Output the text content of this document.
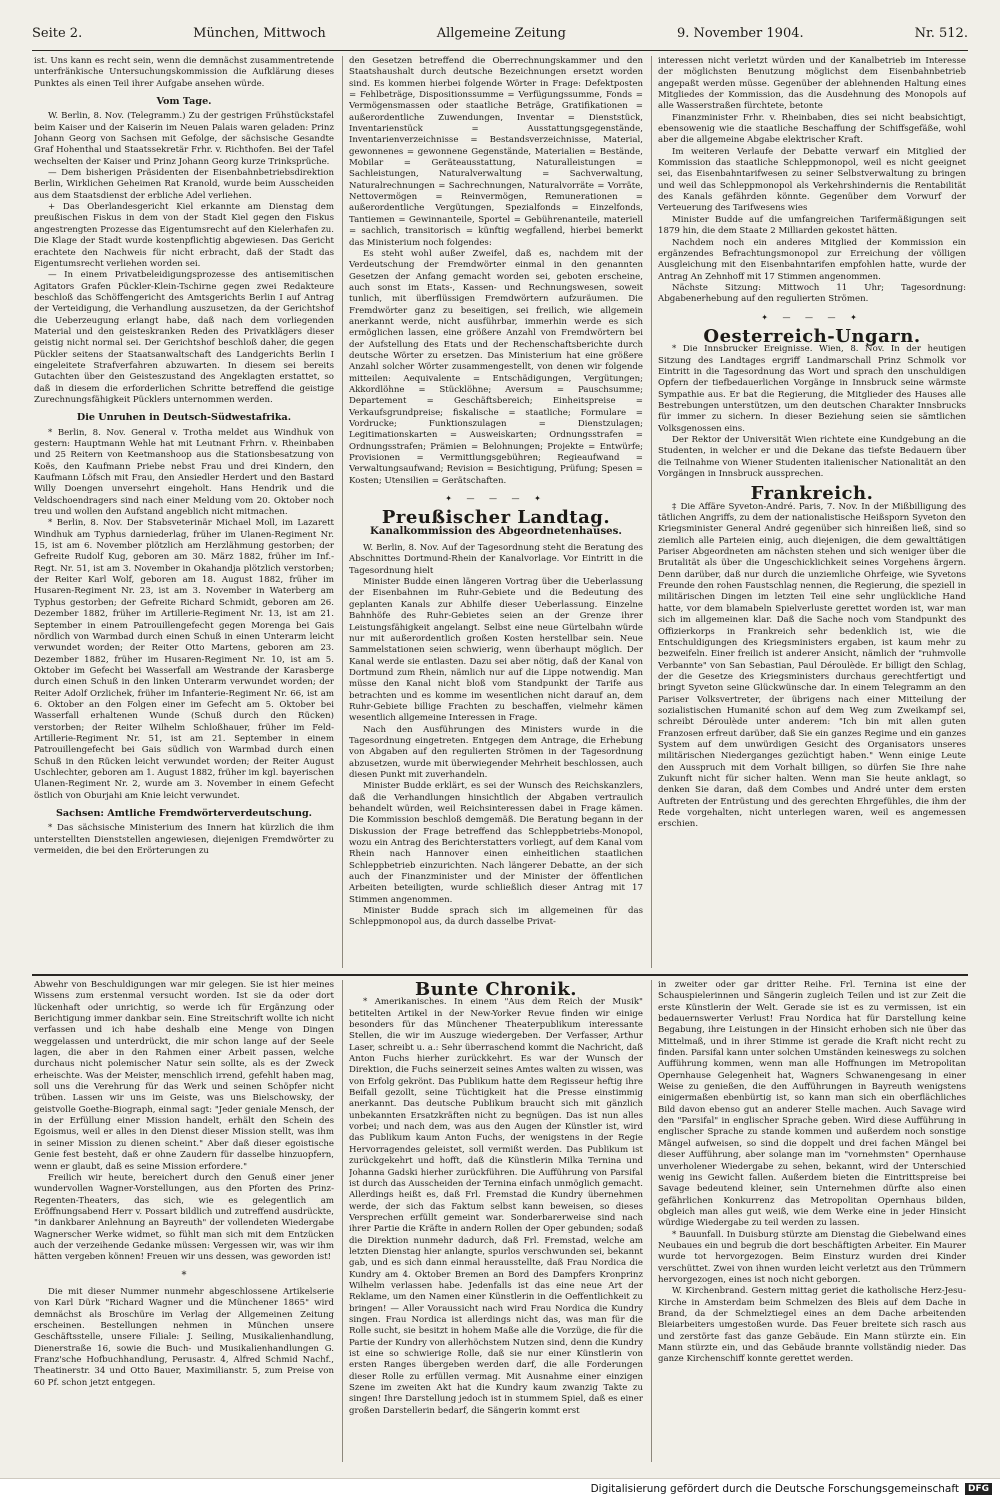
Seite 2.	München, Mittwoch	Allgemeine Zeitung	9. November 1904.	Nr. 512.

ist. Uns kann es recht sein, wenn die demnächst zusammentretende unterfränkische Untersuchungskommission die Aufklärung dieses Punktes als einen Teil ihrer Aufgabe ansehen würde.

Vom Tage.

W. Berlin, 8. Nov. (Telegramm.) Zu der gestrigen Frühstückstafel beim Kaiser und der Kaiserin im Neuen Palais waren geladen: Prinz Johann Georg von Sachsen mit Gefolge, der sächsische Gesandte Graf Hohenthal und Staatssekretär Frhr. v. Richthofen. Bei der Tafel wechselten der Kaiser und Prinz Johann Georg kurze Trinksprüche.

— Dem bisherigen Präsidenten der Eisenbahnbetriebsdirektion Berlin, Wirklichen Geheimen Rat Kranold, wurde beim Ausscheiden aus dem Staatsdienst der erbliche Adel verliehen.

+ Das Oberlandesgericht Kiel erkannte am Dienstag dem preußischen Fiskus in dem von der Stadt Kiel gegen den Fiskus angestrengten Prozesse das Eigentumsrecht auf den Kielerhafen zu. Die Klage der Stadt wurde kostenpflichtig abgewiesen. Das Gericht erachtete den Nachweis für nicht erbracht, daß der Stadt das Eigentumsrecht verliehen worden sei.

— In einem Privatbeleidigungsprozesse des antisemitischen Agitators Grafen Pückler-Klein-Tschirne gegen zwei Redakteure beschloß das Schöffengericht des Amtsgerichts Berlin I auf Antrag der Verteidigung, die Verhandlung auszusetzen, da der Gerichtshof die Ueberzeugung erlangt habe, daß nach dem vorliegenden Material und den geisteskranken Reden des Privatklägers dieser geistig nicht normal sei. Der Gerichtshof beschloß daher, die gegen Pückler seitens der Staatsanwaltschaft des Landgerichts Berlin I eingeleitete Strafverfahren abzuwarten. In diesem sei bereits Gutachten über den Geisteszustand des Angeklagten erstattet, so daß in diesem die erforderlichen Schritte betreffend die geistige Zurechnungsfähigkeit Pücklers unternommen werden.

Die Unruhen in Deutsch-Südwestafrika.

* Berlin, 8. Nov. General v. Trotha meldet aus Windhuk von gestern: Hauptmann Wehle hat mit Leutnant Frhrn. v. Rheinbaben und 25 Reitern von Keetmanshoop aus die Stationsbesatzung von Koës, den Kaufmann Priebe nebst Frau und drei Kindern, den Kaufmann Löfsch mit Frau, den Ansiedler Herdert und den Bastard Willy Doengen unversehrt eingeholt. Hans Hendrik und die Veldschoendragers sind nach einer Meldung vom 20. Oktober noch treu und wollen den Aufstand angeblich nicht mitmachen.

* Berlin, 8. Nov. Der Stabsveterinär Michael Moll, im Lazarett Windhuk am Typhus darniederlag, früher im Ulanen-Regiment Nr. 15, ist am 6. November plötzlich am Herzlähmung gestorben; der Gefreite Rudolf Kug, geboren am 30. März 1882, früher im Inf.-Regt. Nr. 51, ist am 3. November in Okahandja plötzlich verstorben; der Reiter Karl Wolf, geboren am 18. August 1882, früher im Husaren-Regiment Nr. 23, ist am 3. November in Waterberg am Typhus gestorben; der Gefreite Richard Schmidt, geboren am 26. Dezember 1882, früher im Artillerie-Regiment Nr. 13, ist am 21. September in einem Patrouillengefecht gegen Morenga bei Gais nördlich von Warmbad durch einen Schuß in einen Unterarm leicht verwundet worden; der Reiter Otto Martens, geboren am 23. Dezember 1882, früher im Husaren-Regiment Nr. 10, ist am 5. Oktober im Gefecht bei Wasserfall am Westrande der Karasberge durch einen Schuß in den linken Unterarm verwundet worden; der Reiter Adolf Orzlichek, früher im Infanterie-Regiment Nr. 66, ist am 6. Oktober an den Folgen einer im Gefecht am 5. Oktober bei Wasserfall erhaltenen Wunde (Schuß durch den Rücken) verstorben; der Reiter Wilhelm Schloßhauer, früher im Feld-Artillerie-Regiment Nr. 51, ist am 21. September in einem Patrouillengefecht bei Gais südlich von Warmbad durch einen Schuß in den Rücken leicht verwundet worden; der Reiter August Uschlechter, geboren am 1. August 1882, früher im kgl. bayerischen Ulanen-Regiment Nr. 2, wurde am 3. November in einem Gefecht östlich von Oburjahi am Knie leicht verwundet.

Sachsen: Amtliche Fremdwörterverdeutschung.

* Das sächsische Ministerium des Innern hat kürzlich die ihm unterstellten Dienststellen angewiesen, diejenigen Fremdwörter zu vermeiden, die bei den Erörterungen zu

den Gesetzen betreffend die Oberrechnungskammer und den Staatshaushalt durch deutsche Bezeichnungen ersetzt worden sind. Es kommen hierbei folgende Wörter in Frage: Defektposten = Fehlbeträge, Dispositionssumme = Verfügungssumme, Fonds = Vermögensmassen oder staatliche Beträge, Gratifikationen = außerordentliche Zuwendungen, Inventar = Dienststück, Inventarienstück = Ausstattungsgegenstände, Inventarienverzeichnisse = Bestandsverzeichnisse, Material, gewonnenes = gewonnene Gegenstände, Materialien = Bestände, Mobilar = Geräteausstattung, Naturalleistungen = Sachleistungen, Naturalverwaltung = Sachverwaltung, Naturalrechnungen = Sachrechnungen, Naturalvorräte = Vorräte, Nettovermögen = Reinvermögen, Remunerationen = außerordentliche Vergütungen, Spezialfonds = Einzelfonds, Tantiemen = Gewinnanteile, Sportel = Gebührenanteile, materiell = sachlich, transitorisch = künftig wegfallend, hierbei bemerkt das Ministerium noch folgendes:

Es steht wohl außer Zweifel, daß es, nachdem mit der Verdeutschung der Fremdwörter einmal in den genannten Gesetzen der Anfang gemacht worden sei, geboten erscheine, auch sonst im Etats-, Kassen- und Rechnungswesen, soweit tunlich, mit überflüssigen Fremdwörtern aufzuräumen. Die Fremdwörter ganz zu beseitigen, sei freilich, wie allgemein anerkannt werde, nicht ausführbar, immerhin werde es sich ermöglichen lassen, eine größere Anzahl von Fremdwörtern bei der Aufstellung des Etats und der Rechenschaftsberichte durch deutsche Wörter zu ersetzen. Das Ministerium hat eine größere Anzahl solcher Wörter zusammengestellt, von denen wir folgende mitteilen: Aequivalente = Entschädigungen, Vergütungen; Akkordlöhne = Stücklöhne; Aversum = Pauschsumme; Departement = Geschäftsbereich; Einheitspreise = Verkaufsgrundpreise; fiskalische = staatliche; Formulare = Vordrucke; Funktionszulagen = Dienstzulagen; Legitimationskarten = Ausweiskarten; Ordnungsstrafen = Ordnungsstrafen; Prämien = Belohnungen; Projekte = Entwürfe; Provisionen = Vermittlungsgebühren; Regieaufwand = Verwaltungsaufwand; Revision = Besichtigung, Prüfung; Spesen = Kosten; Utensilien = Gerätschaften.

✦ — — — ✦
Preußischer Landtag.
Kanalkommission des Abgeordnetenhauses.

W. Berlin, 8. Nov. Auf der Tagesordnung steht die Beratung des Abschnittes Dortmund-Rhein der Kanalvorlage. Vor Eintritt in die Tagesordnung hielt

Minister Budde einen längeren Vortrag über die Ueberlassung der Eisenbahnen im Ruhr-Gebiete und die Bedeutung des geplanten Kanals zur Abhilfe dieser Ueberlassung. Einzelne Bahnhöfe des Ruhr-Gebietes seien an der Grenze ihrer Leistungsfähigkeit angelangt. Selbst eine neue Gürtelbahn würde nur mit außerordentlich großen Kosten herstellbar sein. Neue Sammelstationen seien schwierig, wenn überhaupt möglich. Der Kanal werde sie entlasten. Dazu sei aber nötig, daß der Kanal von Dortmund zum Rhein, nämlich nur auf die Lippe notwendig. Man müsse den Kanal nicht bloß vom Standpunkt der Tarife aus betrachten und es komme im wesentlichen nicht darauf an, dem Ruhr-Gebiete billige Frachten zu beschaffen, vielmehr kämen wesentlich allgemeine Interessen in Frage.

Nach den Ausführungen des Ministers wurde in die Tagesordnung eingetreten. Entgegen dem Antrage, die Erhebung von Abgaben auf den regulierten Strömen in der Tagesordnung abzusetzen, wurde mit überwiegender Mehrheit beschlossen, auch diesen Punkt mit zuverhandeln.

Minister Budde erklärt, es sei der Wunsch des Reichskanzlers, daß die Verhandlungen hinsichtlich der Abgaben vertraulich behandelt würden, weil Reichsinteressen dabei in Frage kämen. Die Kommission beschloß demgemäß. Die Beratung begann in der Diskussion der Frage betreffend das Schleppbetriebs-Monopol, wozu ein Antrag des Berichterstatters vorliegt, auf dem Kanal vom Rhein nach Hannover einen einheitlichen staatlichen Schleppbetrieb einzurichten. Nach längerer Debatte, an der sich auch der Finanzminister und der Minister der öffentlichen Arbeiten beteiligten, wurde schließlich dieser Antrag mit 17 Stimmen angenommen.

Minister Budde sprach sich im allgemeinen für das Schleppmonopol aus, da durch dasselbe Privat-

interessen nicht verletzt würden und der Kanalbetrieb im Interesse der möglichsten Benutzung möglichst dem Eisenbahnbetrieb angepaßt werden müsse. Gegenüber der ablehnenden Haltung eines Mitgliedes der Kommission, das die Ausdehnung des Monopols auf alle Wasserstraßen fürchtete, betonte

Finanzminister Frhr. v. Rheinbaben, dies sei nicht beabsichtigt, ebensowenig wie die staatliche Beschaffung der Schiffsgefäße, wohl aber die allgemeine Abgabe elektrischer Kraft.

Im weiteren Verlaufe der Debatte verwarf ein Mitglied der Kommission das staatliche Schleppmonopol, weil es nicht geeignet sei, das Eisenbahntarifwesen zu seiner Selbstverwaltung zu bringen und weil das Schleppmonopol als Verkehrshindernis die Rentabilität des Kanals gefährden könnte. Gegenüber dem Vorwurf der Verteuerung des Tarifwesens wies

Minister Budde auf die umfangreichen Tarifermäßigungen seit 1879 hin, die dem Staate 2 Milliarden gekostet hätten.

Nachdem noch ein anderes Mitglied der Kommission ein ergänzendes Befrachtungsmonopol zur Erreichung der völligen Ausgleichung mit den Eisenbahntarifen empfohlen hatte, wurde der Antrag An Zehnhoff mit 17 Stimmen angenommen.

Nächste Sitzung: Mittwoch 11 Uhr; Tagesordnung: Abgabenerhebung auf den regulierten Strömen.

✦ — — — ✦
Oesterreich-Ungarn.

* Die Innsbrucker Ereignisse. Wien, 8. Nov. In der heutigen Sitzung des Landtages ergriff Landmarschall Prinz Schmolk vor Eintritt in die Tagesordnung das Wort und sprach den unschuldigen Opfern der tiefbedauerlichen Vorgänge in Innsbruck seine wärmste Sympathie aus. Er bat die Regierung, die Mitglieder des Hauses alle Bestrebungen unterstützen, um den deutschen Charakter Innsbrucks für immer zu sichern. In dieser Beziehung seien sie sämtlichen Volksgenossen eins.

Der Rektor der Universität Wien richtete eine Kundgebung an die Studenten, in welcher er und die Dekane das tiefste Bedauern über die Teilnahme von Wiener Studenten italienischer Nationalität an den Vorgängen in Innsbruck aussprechen.

Frankreich.

‡ Die Affäre Syveton-André. Paris, 7. Nov. In der Mißbilligung des tätlichen Angriffs, zu dem der nationalistische Heißsporn Syveton den Kriegsminister General André gegenüber sich hinreißen ließ, sind so ziemlich alle Parteien einig, auch diejenigen, die dem gewalttätigen Pariser Abgeordneten am nächsten stehen und sich weniger über die Brutalität als über die Ungeschicklichkeit seines Vorgehens ärgern. Denn darüber, daß nur durch die unziemliche Ohrfeige, wie Syvetons Freunde den rohen Faustschlag nennen, die Regierung, die speziell in militärischen Dingen im letzten Teil eine sehr unglückliche Hand hatte, vor dem blamabeln Spielverluste gerettet worden ist, war man sich im allgemeinen klar. Daß die Sache noch vom Standpunkt des Offizierkorps in Frankreich sehr bedenklich ist, wie die Entschuldigungen des Kriegsministers ergaben, ist kaum mehr zu bezweifeln. Einer freilich ist anderer Ansicht, nämlich der "ruhmvolle Verbannte" von San Sebastian, Paul Déroulède. Er billigt den Schlag, der die Gesetze des Kriegsministers durchaus gerechtfertigt und bringt Syveton seine Glückwünsche dar. In einem Telegramm an den Pariser Volksvertreter, der übrigens nach einer Mitteilung der sozialistischen Humanité schon auf dem Weg zum Zweikampf sei, schreibt Déroulède unter anderem: "Ich bin mit allen guten Franzosen erfreut darüber, daß Sie ein ganzes Regime und ein ganzes System auf dem unwürdigen Gesicht des Organisators unseres militärischen Niederganges gezüchtigt haben." Wenn einige Leute den Ausspruch mit dem Vorhalt billigen, so dürfen Sie Ihre nahe Zukunft nicht für sicher halten. Wenn man Sie heute anklagt, so denken Sie daran, daß dem Combes und André unter dem ersten Auftreten der Entrüstung und des gerechten Ehrgefühles, die ihm der Rede vorgehalten, nicht unterlegen waren, weil es angemessen erschien.

Abwehr von Beschuldigungen war mir gelegen. Sie ist hier meines Wissens zum erstenmal versucht worden. Ist sie da oder dort lückenhaft oder unrichtig, so werde ich für Ergänzung oder Berichtigung immer dankbar sein. Eine Streitschrift wollte ich nicht verfassen und ich habe deshalb eine Menge von Dingen weggelassen und unterdrückt, die mir schon lange auf der Seele lagen, die aber in den Rahmen einer Arbeit passen, welche durchaus nicht polemischer Natur sein sollte, als es der Zweck erheischte. Was der Meister, menschlich irrend, gefehlt haben mag, soll uns die Verehrung für das Werk und seinen Schöpfer nicht trüben. Lassen wir uns im Geiste, was uns Bielschowsky, der geistvolle Goethe-Biograph, einmal sagt: "Jeder geniale Mensch, der in der Erfüllung einer Mission handelt, erhält den Schein des Egoismus, weil er alles in den Dienst dieser Mission stellt, was ihm in seiner Mission zu dienen scheint." Aber daß dieser egoistische Genie fest besteht, daß er ohne Zaudern für dasselbe hinzuopfern, wenn er glaubt, daß es seine Mission erfordere."

Freilich wir heute, bereichert durch den Genuß einer jener wundervollen Wagner-Vorstellungen, aus den Pforten des Prinz-Regenten-Theaters, das sich, wie es gelegentlich am Eröffnungsabend Herr v. Possart bildlich und zutreffend ausdrückte, "in dankbarer Anlehnung an Bayreuth" der vollendeten Wiedergabe Wagnerscher Werke widmet, so fühlt man sich mit dem Entzücken auch der verzeihende Gedanke müssen: Vergessen wir, was wir ihm hätten vergeben können! Freuen wir uns dessen, was geworden ist!

*

Die mit dieser Nummer nunmehr abgeschlossene Artikelserie von Karl Dürk "Richard Wagner und die Münchener 1865" wird demnächst als Broschüre im Verlag der Allgemeinen Zeitung erscheinen. Bestellungen nehmen in München unsere Geschäftsstelle, unsere Filiale: J. Seiling, Musikalienhandlung, Dienerstraße 16, sowie die Buch- und Musikalienhandlungen G. Franz'sche Hofbuchhandlung, Perusastr. 4, Alfred Schmid Nachf., Theatinerstr. 34 und Otto Bauer, Maximilianstr. 5, zum Preise von 60 Pf. schon jetzt entgegen.

Bunte Chronik.

* Amerikanisches. In einem "Aus dem Reich der Musik" betitelten Artikel in der New-Yorker Revue finden wir einige besonders für das Münchener Theaterpublikum interessante Stellen, die wir im Auszuge wiedergeben. Der Verfasser, Arthur Laser, schreibt u. a.: Sehr überraschend kommt die Nachricht, daß Anton Fuchs hierher zurückkehrt. Es war der Wunsch der Direktion, die Fuchs seinerzeit seines Amtes walten zu wissen, was von Erfolg gekrönt. Das Publikum hatte dem Regisseur heftig ihre Beifall gezollt, seine Tüchtigkeit hat die Presse einstimmig anerkannt. Das deutsche Publikum braucht sich mit gänzlich unbekannten Ersatzkräften nicht zu begnügen. Das ist nun alles vorbei; und nach dem, was aus den Augen der Künstler ist, wird das Publikum kaum Anton Fuchs, der wenigstens in der Regie Hervorragendes geleistet, soll vermißt werden. Das Publikum ist zurückgekehrt und hofft, daß die Künstlerin Milka Ternina und Johanna Gadski hierher zurückführen. Die Aufführung von Parsifal ist durch das Ausscheiden der Ternina einfach unmöglich gemacht. Allerdings heißt es, daß Frl. Fremstad die Kundry übernehmen werde, der sich das Faktum selbst kann beweisen, so dieses Versprechen erfüllt gemeint war. Sonderbarerweise sind nach ihrer Partie die Kräfte in andern Rollen der Oper gebunden; sodaß die Direktion nunmehr dadurch, daß Frl. Fremstad, welche am letzten Dienstag hier anlangte, spurlos verschwunden sei, bekannt gab, und es sich dann einmal herausstellte, daß Frau Nordica die Kundry am 4. Oktober Bremen an Bord des Dampfers Kronprinz Wilhelm verlassen habe. Jedenfalls ist das eine neue Art der Reklame, um den Namen einer Künstlerin in die Oeffentlichkeit zu bringen! — Aller Voraussicht nach wird Frau Nordica die Kundry singen. Frau Nordica ist allerdings nicht das, was man für die Rolle sucht, sie besitzt in hohem Maße alle die Vorzüge, die für die Partie der Kundry von allerhöchstem Nutzen sind, denn die Kundry ist eine so schwierige Rolle, daß sie nur einer Künstlerin von ersten Ranges übergeben werden darf, die alle Forderungen dieser Rolle zu erfüllen vermag. Mit Ausnahme einer einzigen Szene im zweiten Akt hat die Kundry kaum zwanzig Takte zu singen! Ihre Darstellung jedoch ist in stummem Spiel, daß es einer großen Darstellerin bedarf, die Sängerin kommt erst

in zweiter oder gar dritter Reihe. Frl. Ternina ist eine der Schauspielerinnen und Sängerin zugleich Teilen und ist zur Zeit die erste Künstlerin der Welt. Gerade sie ist es zu vermissen, ist ein bedauernswerter Verlust! Frau Nordica hat für Darstellung keine Begabung, ihre Leistungen in der Hinsicht erhoben sich nie über das Mittelmaß, und in ihrer Stimme ist gerade die Kraft nicht recht zu finden. Parsifal kann unter solchen Umständen keineswegs zu solchen Aufführung kommen, wenn man alle Hoffnungen im Metropolitan Opernhause Gelegenheit hat, Wagners Schwanengesang in einer Weise zu genießen, die den Aufführungen in Bayreuth wenigstens einigermaßen ebenbürtig ist, so kann man sich ein oberflächliches Bild davon ebenso gut an anderer Stelle machen. Auch Savage wird den "Parsifal" in englischer Sprache geben. Wird diese Aufführung in englischer Sprache zu stande kommen und außerdem noch sonstige Mängel aufweisen, so sind die doppelt und drei fachen Mängel bei dieser Aufführung, aber solange man im "vornehmsten" Opernhause unverholener Wiedergabe zu sehen, bekannt, wird der Unterschied wenig ins Gewicht fallen. Außerdem bieten die Eintrittspreise bei Savage bedeutend kleiner, sein Unternehmen dürfte also einen gefährlichen Konkurrenz das Metropolitan Opernhaus bilden, obgleich man alles gut weiß, wie dem Werke eine in jeder Hinsicht würdige Wiedergabe zu teil werden zu lassen.

* Bauunfall. In Duisburg stürzte am Dienstag die Giebelwand eines Neubaues ein und begrub die dort beschäftigten Arbeiter. Ein Maurer wurde tot hervorgezogen. Beim Einsturz wurden drei Kinder verschüttet. Zwei von ihnen wurden leicht verletzt aus den Trümmern hervorgezogen, eines ist noch nicht geborgen.

W. Kirchenbrand. Gestern mittag geriet die katholische Herz-Jesu-Kirche in Amsterdam beim Schmelzen des Bleis auf dem Dache in Brand, da der Schmelztiegel eines an dem Dache arbeitenden Bleiarbeiters umgestoßen wurde. Das Feuer breitete sich rasch aus und zerstörte fast das ganze Gebäude. Ein Mann stürzte ein. Ein Mann stürzte ein, und das Gebäude brannte vollständig nieder. Das ganze Kirchenschiff konnte gerettet werden.

Digitalisierung gefördert durch die Deutsche Forschungsgemeinschaft	DFG
